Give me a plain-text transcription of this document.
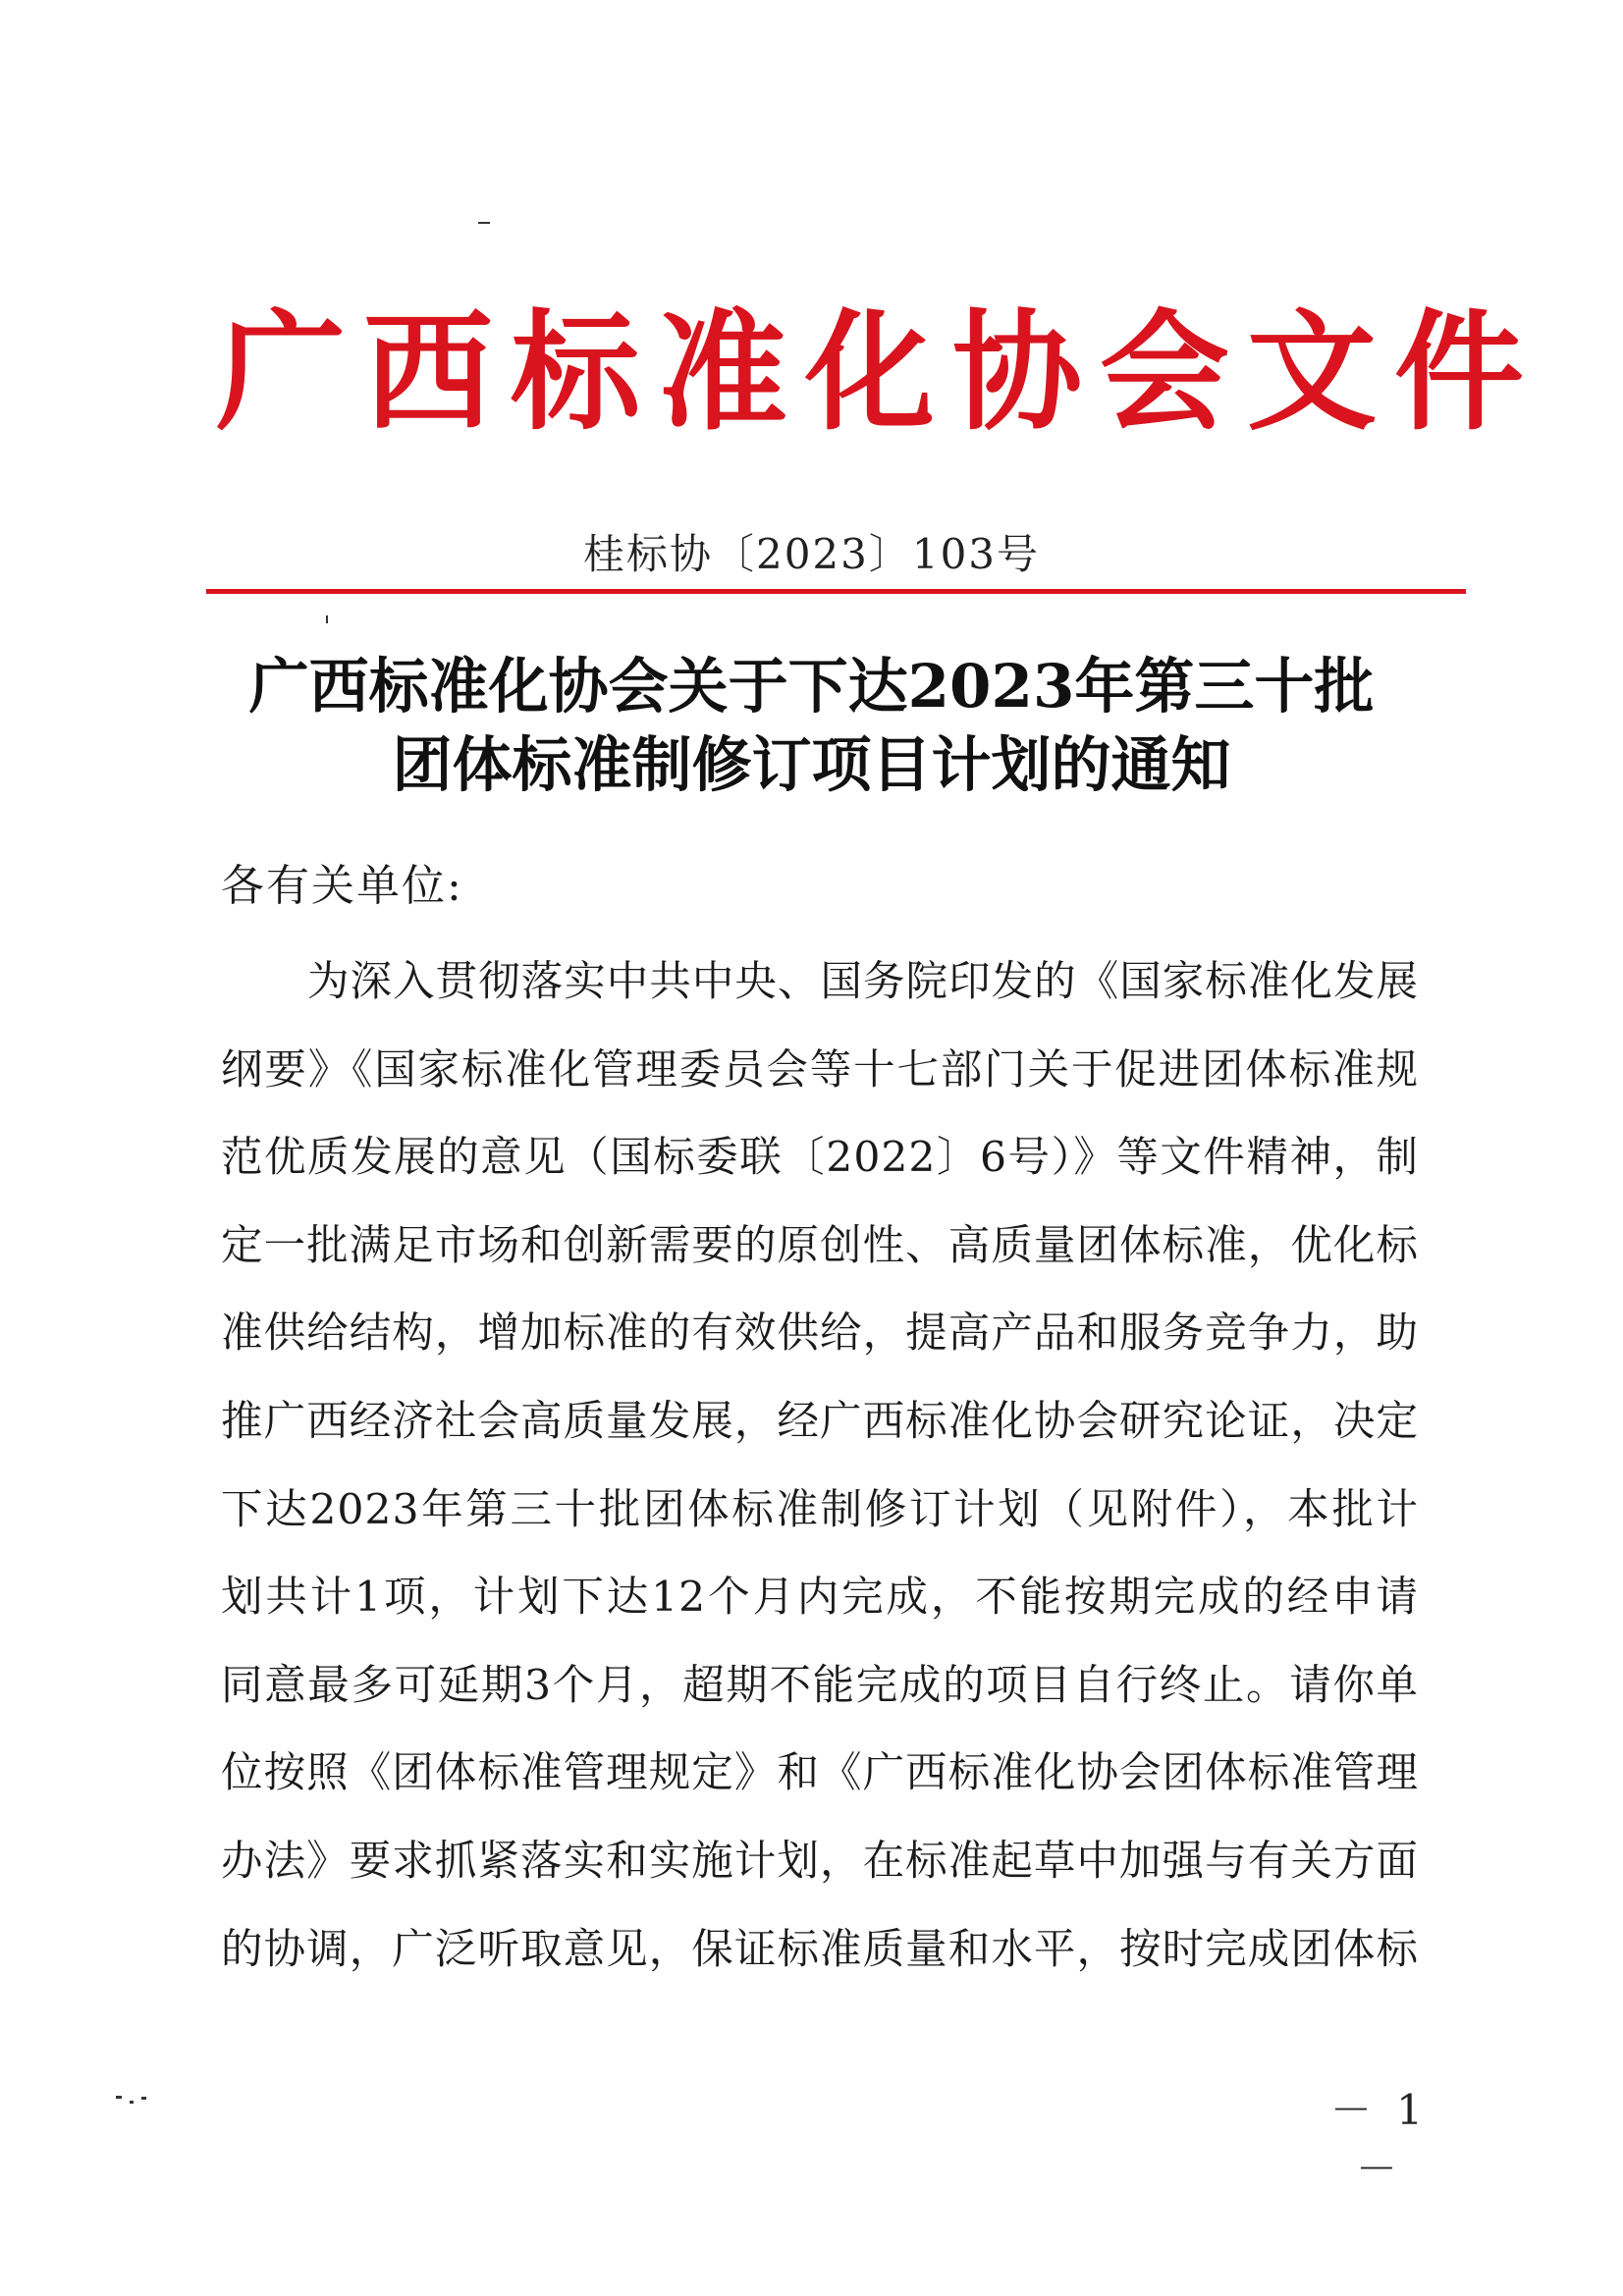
广西标准化协会文件
桂标协〔2023〕103号
广西标准化协会关于下达2023年第三十批
团体标准制修订项目计划的通知
各有关单位:
为深入贯彻落实中共中央、国务院印发的《国家标准化发展
纲要》《国家标准化管理委员会等十七部门关于促进团体标准规
范优质发展的意见（国标委联〔2022〕6号）》等文件精神，制
定一批满足市场和创新需要的原创性、高质量团体标准，优化标
准供给结构，增加标准的有效供给，提高产品和服务竞争力，助
推广西经济社会高质量发展，经广西标准化协会研究论证，决定
下达2023年第三十批团体标准制修订计划（见附件），本批计
划共计1项，计划下达12个月内完成，不能按期完成的经申请
同意最多可延期3个月，超期不能完成的项目自行终止。请你单
位按照《团体标准管理规定》和《广西标准化协会团体标准管理
办法》要求抓紧落实和实施计划，在标准起草中加强与有关方面
的协调，广泛听取意见，保证标准质量和水平，按时完成团体标
－ 1 －
